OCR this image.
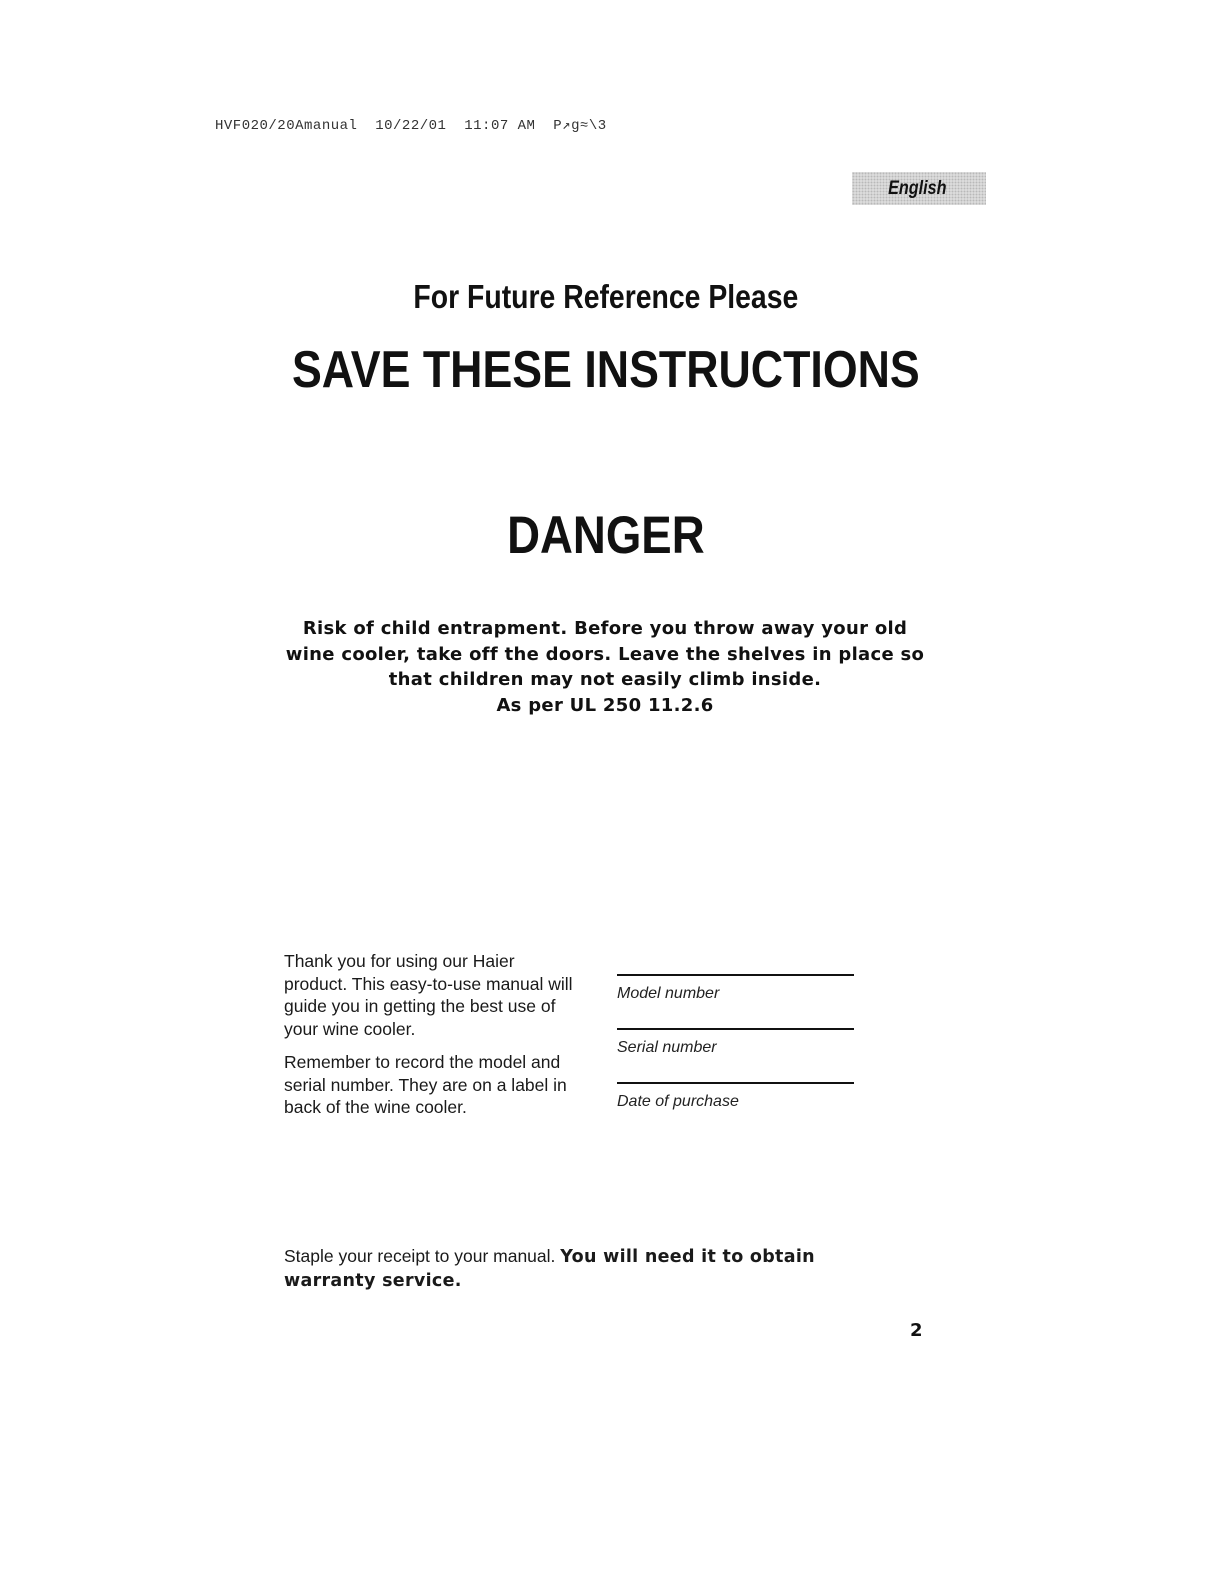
HVF020/20Amanual  10/22/01  11:07 AM  P↗g≈\3
English
For Future Reference Please
SAVE THESE INSTRUCTIONS
DANGER
Risk of child entrapment. Before you throw away your old
wine cooler, take off the doors. Leave the shelves in place so
that children may not easily climb inside.
As per UL 250 11.2.6

Thank you for using our Haier
product. This easy-to-use manual will
guide you in getting the best use of
your wine cooler.

Remember to record the model and
serial number. They are on a label in
back of the wine cooler.

Model number
Serial number
Date of purchase
Staple your receipt to your manual. You will need it to obtain
warranty service.
2
